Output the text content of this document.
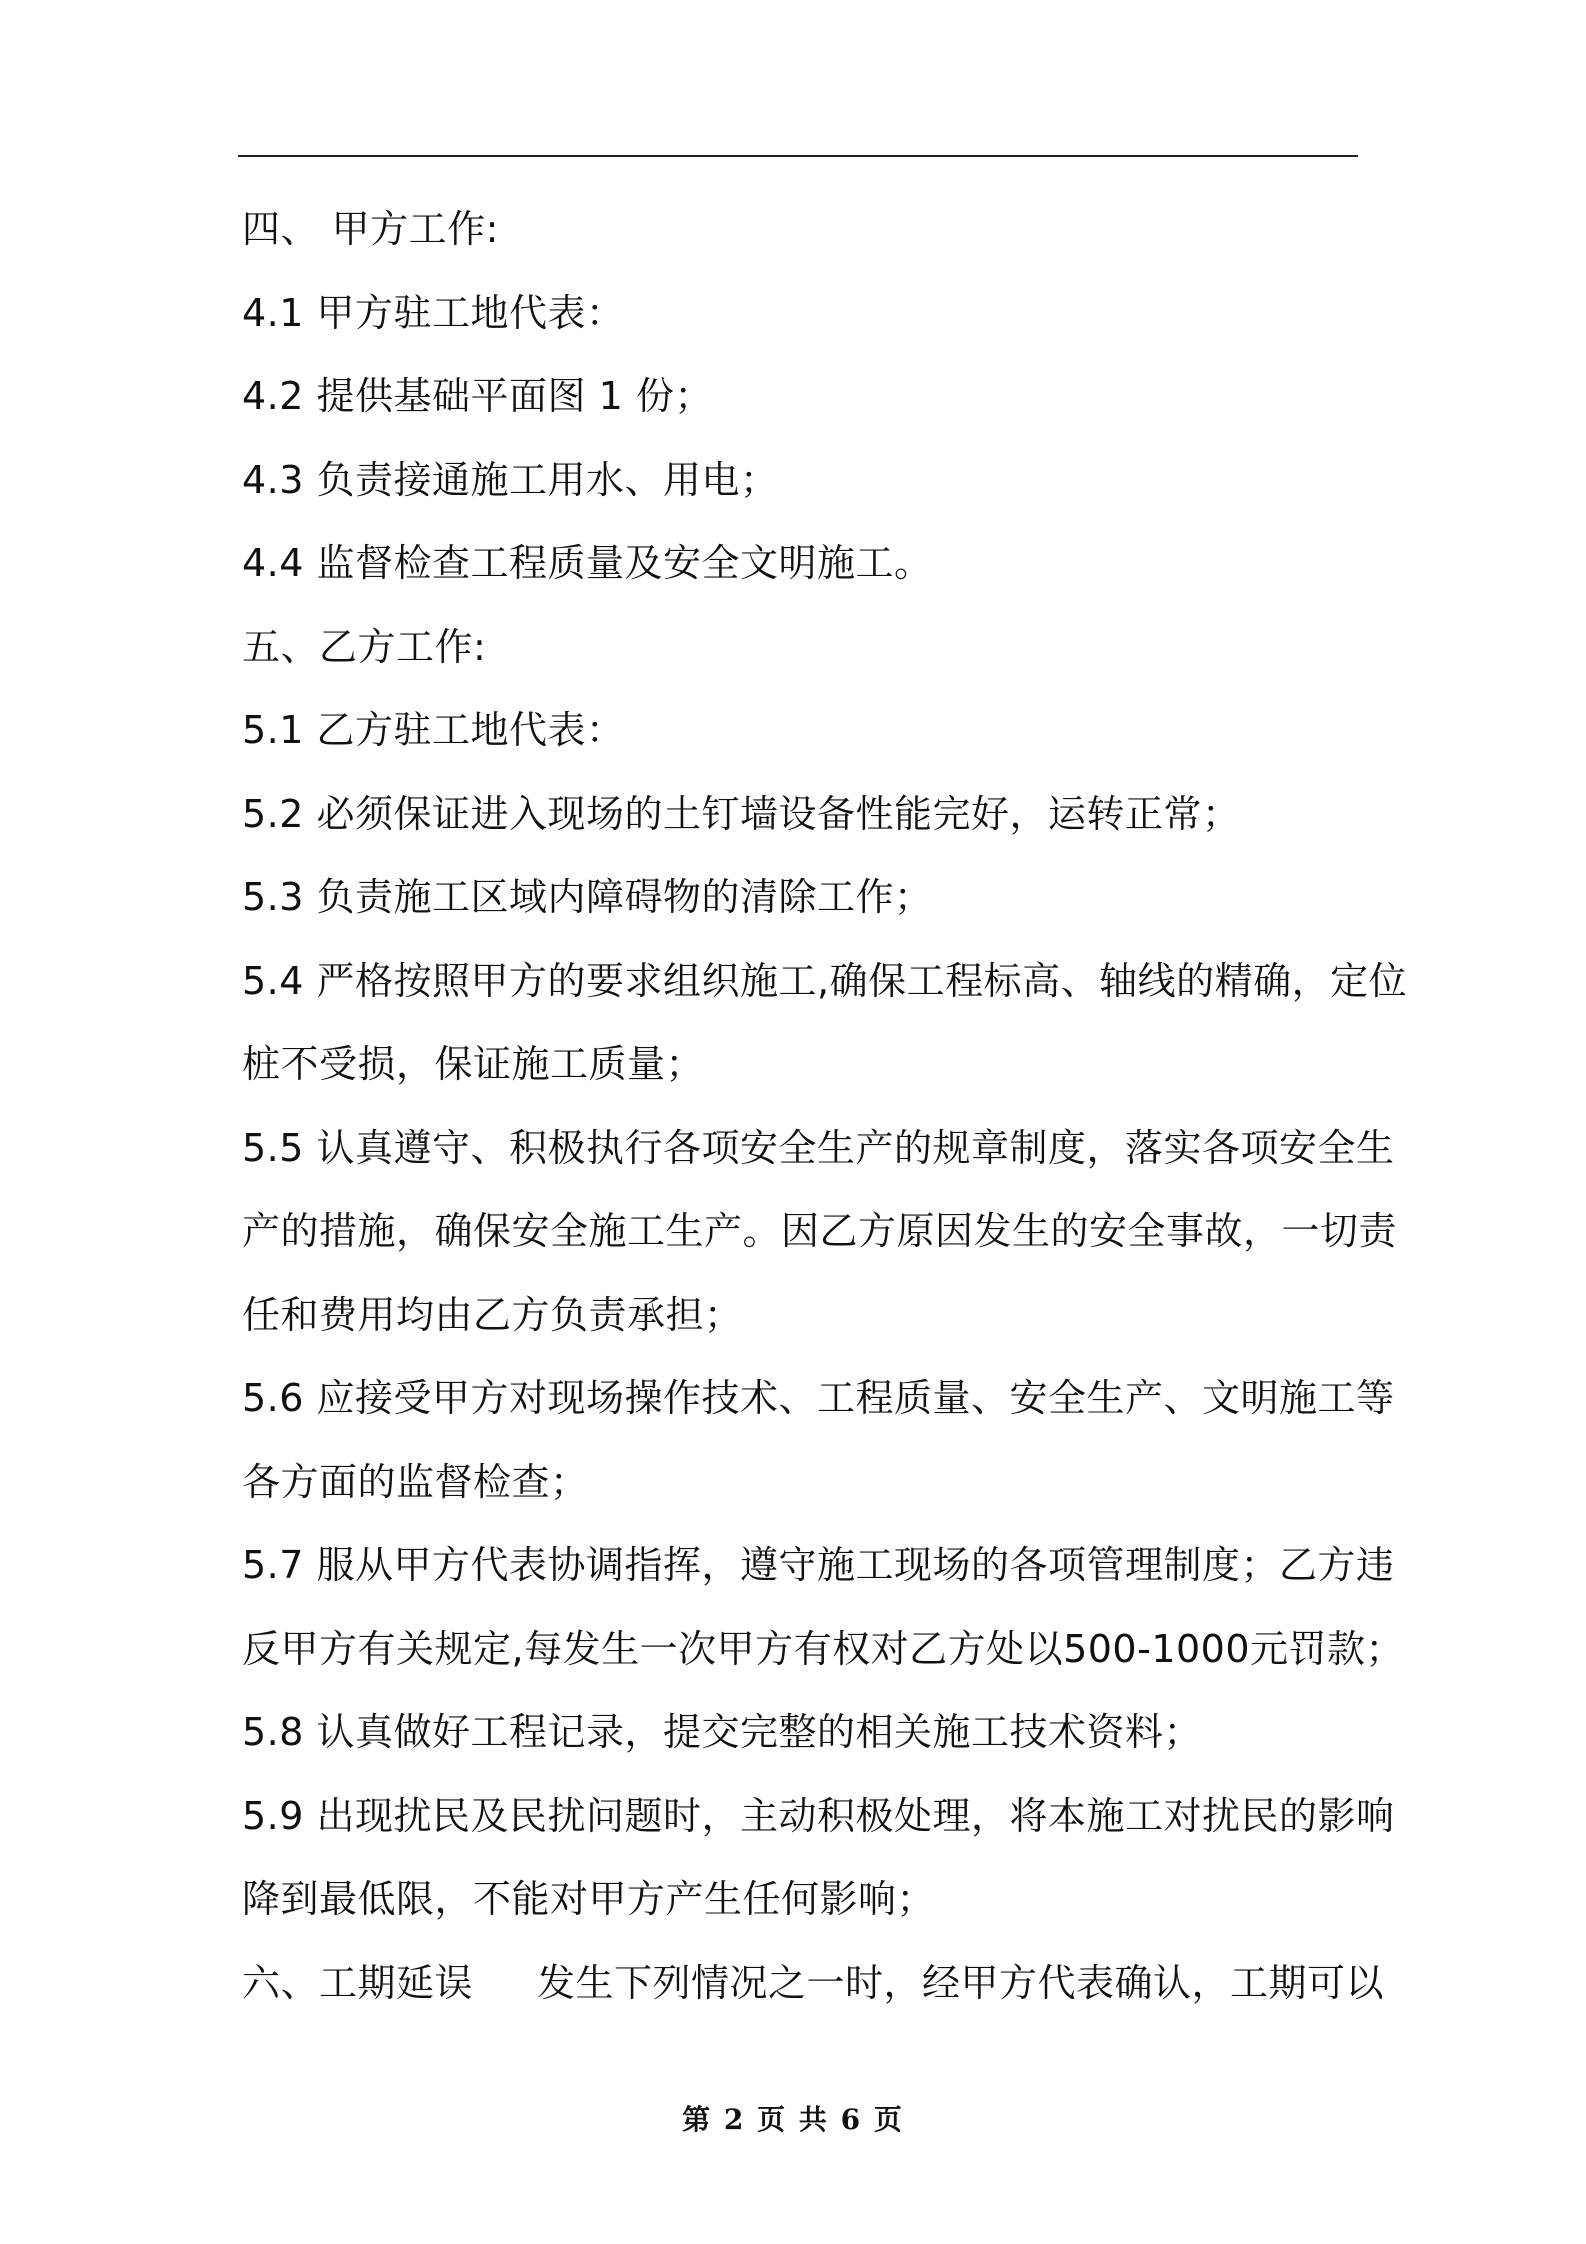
四、 甲方工作:
4.1 甲方驻工地代表：
4.2 提供基础平面图 1 份；
4.3 负责接通施工用水、用电；
4.4 监督检查工程质量及安全文明施工。
五、乙方工作:
5.1 乙方驻工地代表：
5.2 必须保证进入现场的土钉墙设备性能完好，运转正常；
5.3 负责施工区域内障碍物的清除工作；
5.4 严格按照甲方的要求组织施工,确保工程标高、轴线的精确，定位
桩不受损，保证施工质量；
5.5 认真遵守、积极执行各项安全生产的规章制度，落实各项安全生
产的措施，确保安全施工生产。因乙方原因发生的安全事故，一切责
任和费用均由乙方负责承担；
5.6 应接受甲方对现场操作技术、工程质量、安全生产、文明施工等
各方面的监督检查；
5.7 服从甲方代表协调指挥，遵守施工现场的各项管理制度；乙方违
反甲方有关规定,每发生一次甲方有权对乙方处以500-1000元罚款；
5.8 认真做好工程记录，提交完整的相关施工技术资料；
5.9 出现扰民及民扰问题时，主动积极处理，将本施工对扰民的影响
降到最低限，不能对甲方产生任何影响；
六、工期延误 发生下列情况之一时，经甲方代表确认，工期可以
第 2 页 共 6 页
